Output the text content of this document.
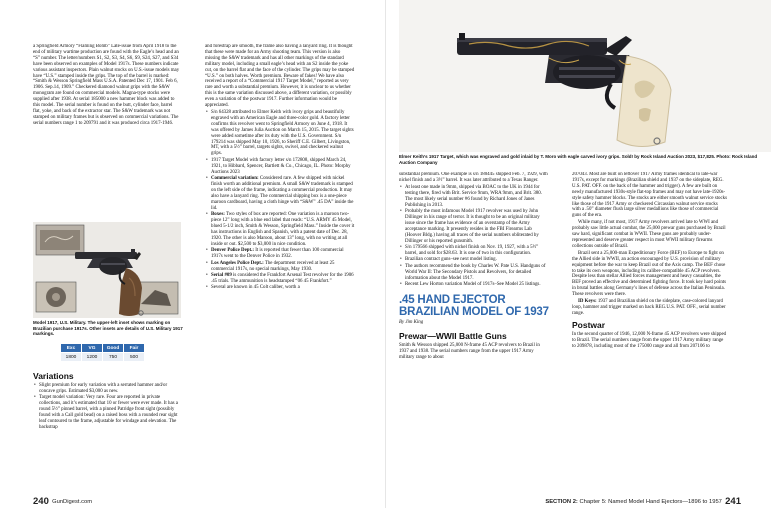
a Springfield Armory “Flaming Bomb” Late-issue from April 1918 to the end of military wartime production are found with the Eagle’s head and an “S” number. The letter/numbers S1, S2, S3, S4, S6, S9, S24, S27, and S34 have been observed on examples of Model 1917s. These numbers indicate various assistant inspectors. Plain walnut stocks on U.S.-issue models may have “U.S.” stamped inside the grips. The top of the barrel is marked: “Smith & Wesson Springfield Mass U.S.A. Patented Dec 17, 1901. Feb 6, 1906. Sep.14, 1909.” Checkered diamond walnut grips with the S&W monogram are found on commercial models. Magna-type stocks were supplied after 1938. At serial 185000 a new hammer block was added to this model. The serial number is found on the butt, cylinder face, barrel flat, yoke, and back of the extractor star. The S&W trademark was not stamped on military frames but is observed on commercial variations. The serial numbers range 1 to 209791 and it was produced circa 1917-1946.

Model 1917, U.S. Military. The upper-left inset shows marking on Brazilian purchase 1917s. Other insets are details of U.S. Military 1917 markings.
Exc	VG	Good	Fair
1800	1200	750	500
Variations
• Slight premium for early variation with a serrated hammer and/or concave grips. Estimated $3,000 as new.
• Target model variation: Very rare. Four are reported in private collections, and it’s estimated that 10 or fewer were ever made. It has a round 5½” pinned barrel, with a pinned Patridge front sight (possibly found with a Call gold bead) on a raised boss with a rounded rear sight leaf contoured to the frame, adjustable for windage and elevation. The backstrap

and forestrap are smooth, the frame also having a lanyard ring. It is thought that these were made for an Army shooting team. This version is also missing the S&W trademark and has all other markings of the standard military model, including a small eagle’s head with an S2 inside the yoke cut, on the barrel flat and the face of the cylinder. The grips may be stamped “U.S.” on both halves. Worth premium. Beware of fakes! We have also received a report of a “Commercial 1917 Target Model,” reported as very rare and worth a substantial premium. However, it is unclear to us whether this is the same variation discussed above, a different variation, or possibly even a variation of the postwar 1917. Further information would be appreciated.

• S/n 64328 attributed to Elmer Keith with ivory grips and beautifully engraved with an American Eagle and three-color gold. A factory letter confirms this revolver went to Springfield Armory on June 4, 1918. It was offered by James Julia Auction on March 15, 2015. The target sights were added sometime after its duty with the U.S. Government. S/n 179214 was shipped May 10, 1926, to Sheriff C.E. Gilbert, Livingston, MT, with a 5½” barrel, targets sights, swivel, and checkered walnut grips.
• 1917 Target Model with factory letter s/n 172808, shipped March 24, 1921, to Hibbard, Spencer, Bartlett & Co., Chicago, IL. Photo: Morphy Auctions 2023
• Commercial variation: Considered rare. A few shipped with nickel finish worth an additional premium. A small S&W trademark is stamped on the left side of the frame, indicating a commercial production. It may also have a lanyard ring. The commercial shipping box is a one-piece maroon cardboard, having a cloth hinge with “S&W” .45 DA” inside the lid.
• Boxes: Two styles of box are reported: One variation is a maroon two-piece 12” long with a blue end label that reads: “U.S. ARMY 45 Model, blued 5-1/2 inch, Smith & Wesson, Springfield Mass.” Inside the cover it has instructions in English and Spanish, with a patent date of Dec. 28, 1920. The other is also Maroon, about 13” long, with no writing at all inside or out. $2,500 to $3,000 in nice condition.
• Denver Police Dept.: It is reported that fewer than 100 commercial 1917s went to the Denver Police in 1932.
• Los Angeles Police Dept.: The department received at least 25 commercial 1917s, no special markings, May 1930.
• Serial #09 is considered the Frankfort Arsenal Test revolver for the 1906 .45 trials. The ammunition is headstamped “06 45 Frankfort.”
• Several are known in 45 Colt caliber, worth a
240 GunDigest.com
Elmer Keith’s 1917 Target, which was engraved and gold inlaid by T. Moro with eagle carved ivory grips. Sold! by Rock Island Auction 2023, $17,825. Photo: Rock Island Auction Company

substantial premium. One example is s/n 180445 shipped Feb. 7, 1929, with nickel finish and a 3½” barrel. It was later attributed to a Texas Ranger.

• At least one made in 9mm, shipped via BOAC to the UK in 1944 for testing there, fired with Brit. Service 9mm, WRA 9mm, and Brit. 380. The most likely serial number #6 found by Richard Jones of Janes Publishing in 2013.
• Probably the most infamous Model 1917 revolver was used by John Dillinger in his range of terror. It is thought to be an original military issue since the frame has evidence of an overstamp of the Army acceptance marking. It presently resides in the FBI Firearms Lab (Hoover Bldg.) having all traces of the serial numbers obliterated by Dillinger or his reported gunsmith.
• S/n 179566 shipped with nickel finish on Nov. 19, 1927, with a 5½” barrel, and sold for $28.63. It is one of two in this configuration.
• Brazilian contract guns–see next model listing.
• The authors recommend the book by Charles W. Pate U.S. Handguns of World War II: The Secondary Pistols and Revolvers, for detailed information about the Model 1917.
• Recent Lew Horton variation Model of 1917s–See Model 25 listings.
.45 HAND EJECTOR BRAZILIAN MODEL OF 1937
By Jim King
Prewar—WWII Battle Guns

Smith & Wesson shipped 25,000 N-frame 45 ACP revolvers to Brazil in 1937 and 1938. The serial numbers range from the upper 1917 Army military range to about

207043. Most are built on leftover 1917 Army frames identical to late-war 1917s, except for markings (Brazilian shield and 1937 on the sideplate, REG. U.S. PAT. OFF. on the back of the hammer and trigger). A few are built on newly manufactured 1930s-style flat-top frames and may not have late-1920s-style safety hammer blocks. The stocks are either smooth walnut service stocks like those of the 1917 Army or checkered Circassian walnut service stocks with a .50” diameter flush large silver medallions like those of commercial guns of the era.

While many, if not most, 1917 Army revolvers arrived late to WWI and probably saw little actual combat, the 25,000 prewar guns purchased by Brazil saw hard, significant combat in WWII. These guns are probably under-represented and deserve greater respect in most WWII military firearms collections outside of Brazil.

Brazil sent a 25,000-man Expeditionary Force (BEF) to Europe to fight on the Allied side in WWII, an action encouraged by U.S. provision of military equipment before the war to keep Brazil out of the Axis camp. The BEF chose to take its own weapons, including its caliber-compatible 45 ACP revolvers. Despite less than stellar Allied forces management and heavy casualties, the BEF proved an effective and determined fighting force. It took key hard points in brutal battles along Germany’s lines of defense across the Italian Peninsula. These revolvers were there.

ID Keys: 1937 and Brazilian shield on the sideplate, case-colored lanyard loop, hammer and trigger marked on back REG.U.S. PAT. OFF., serial number range.

Postwar

In the second quarter of 1946, 12,000 N-frame 45 ACP revolvers were shipped to Brazil. The serial numbers range from the upper 1917 Army military range to 209878, including most of the 175000 range and all from 207106 to

SECTION 2: Chapter 5: Named Model Hand Ejectors—1896 to 1957 241
